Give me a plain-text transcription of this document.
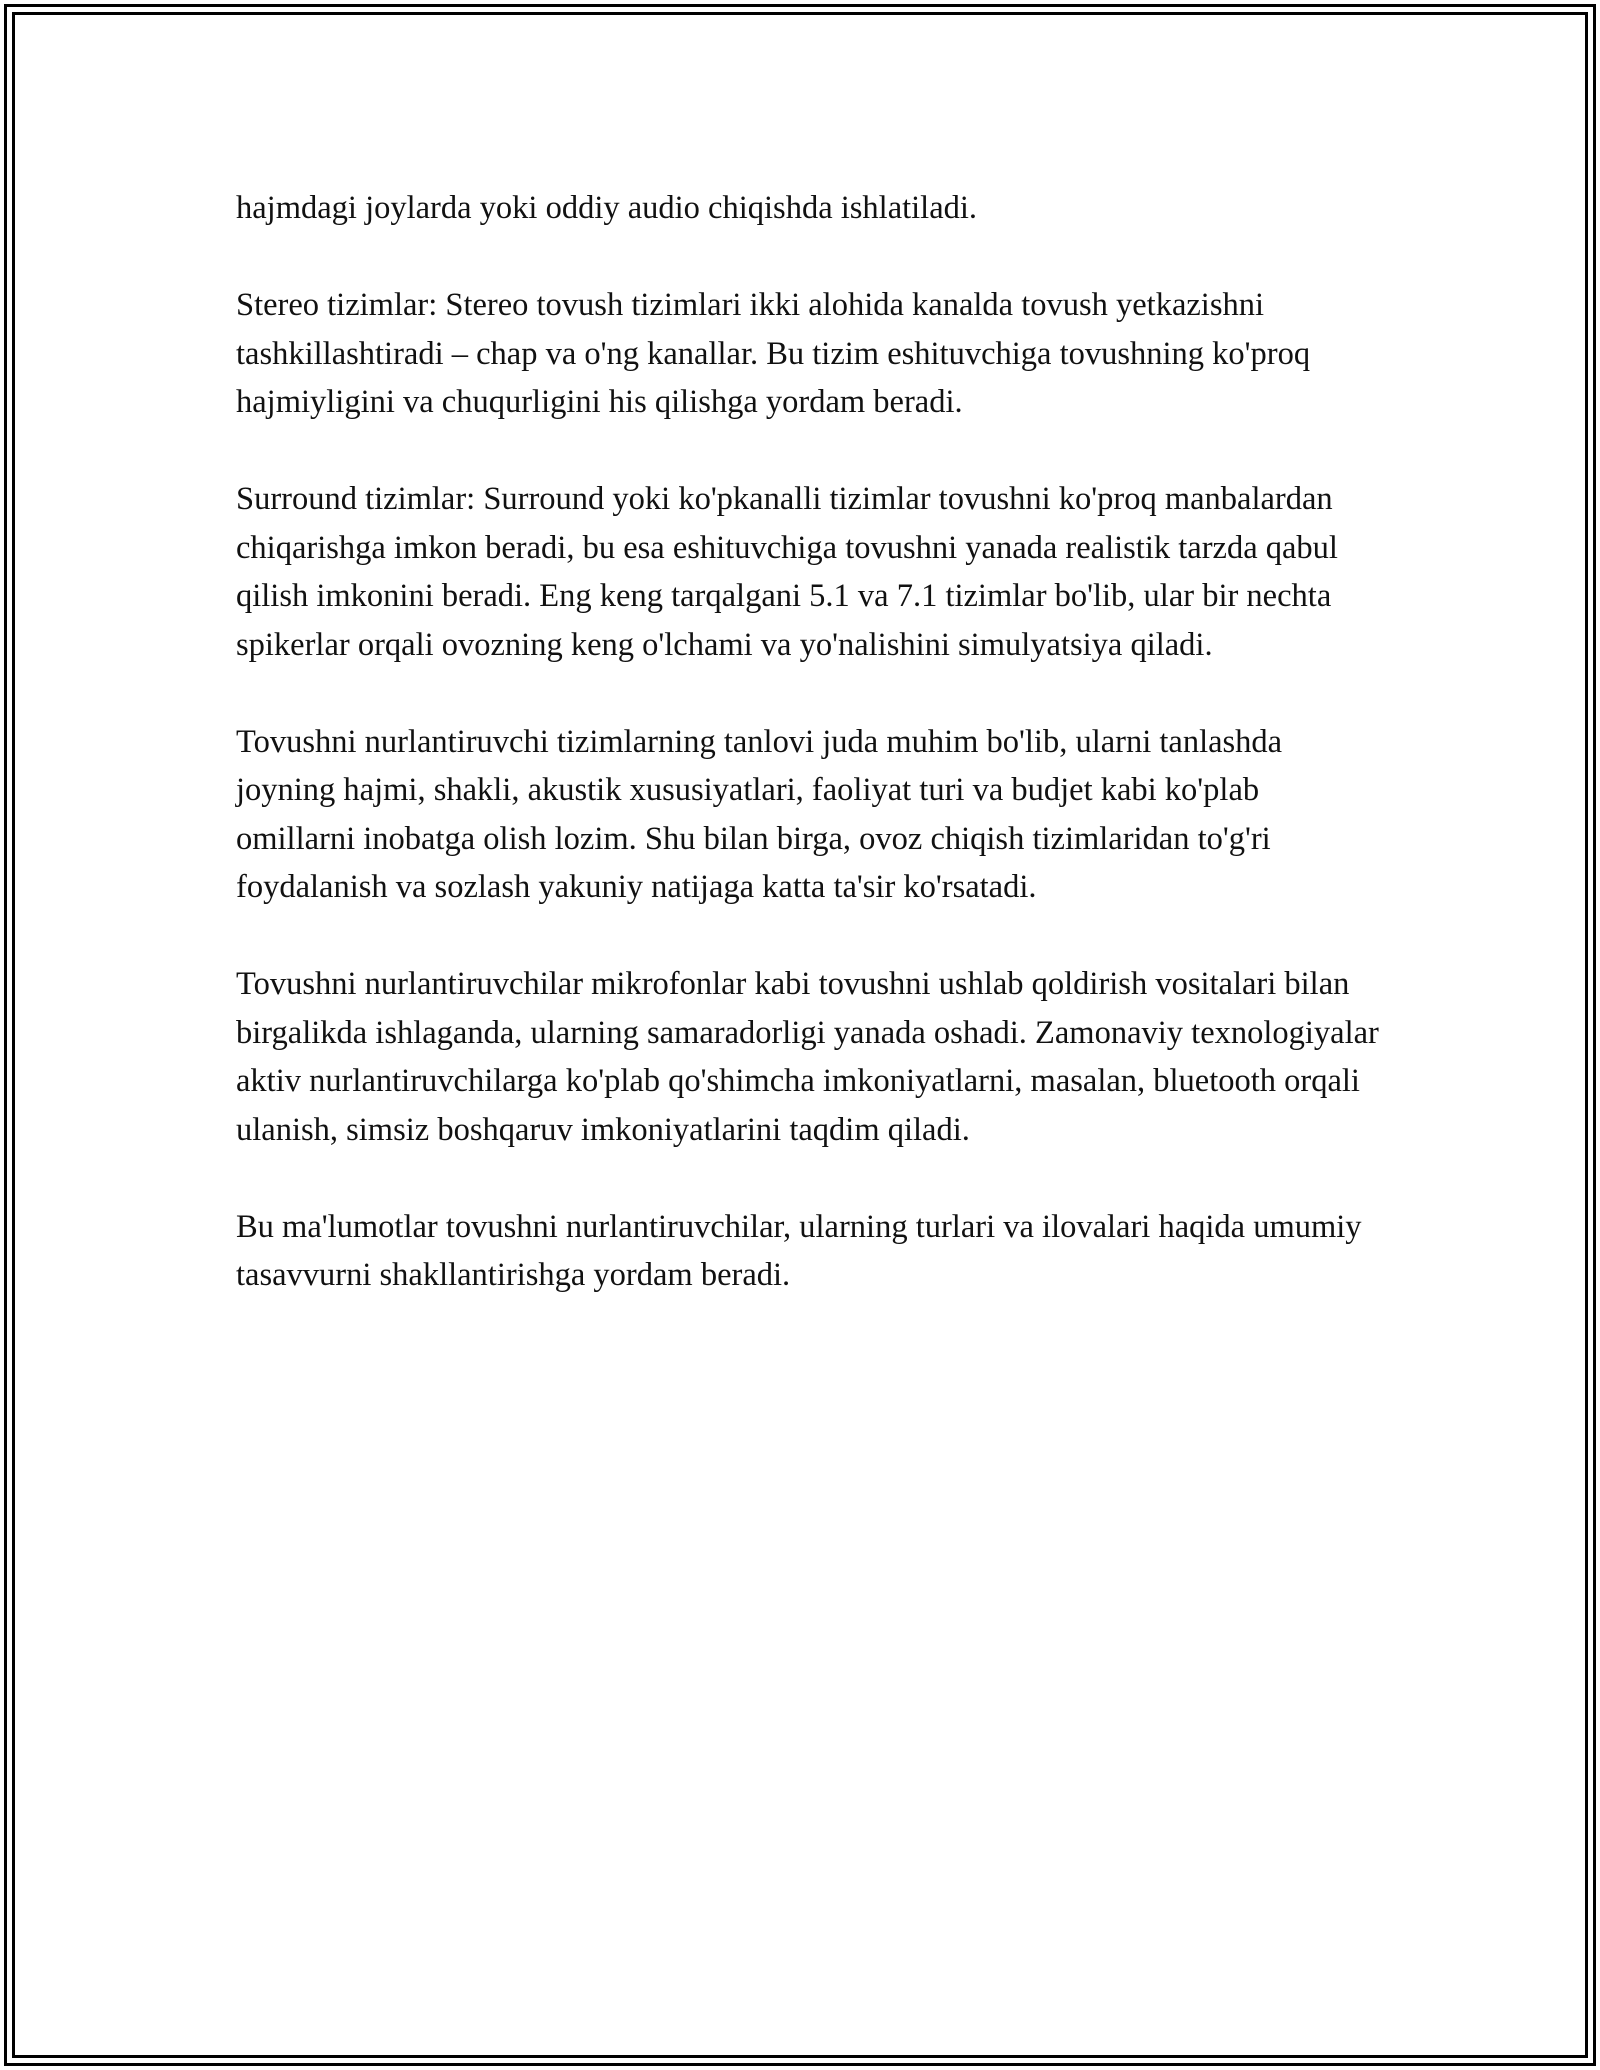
hajmdagi joylarda yoki oddiy audio chiqishda ishlatiladi.

Stereo tizimlar: Stereo tovush tizimlari ikki alohida kanalda tovush yetkazishni tashkillashtiradi – chap va o'ng kanallar. Bu tizim eshituvchiga tovushning ko'proq hajmiyligini va chuqurligini his qilishga yordam beradi.

Surround tizimlar: Surround yoki ko'pkanalli tizimlar tovushni ko'proq manbalardan chiqarishga imkon beradi, bu esa eshituvchiga tovushni yanada realistik tarzda qabul qilish imkonini beradi. Eng keng tarqalgani 5.1 va 7.1 tizimlar bo'lib, ular bir nechta spikerlar orqali ovozning keng o'lchami va yo'nalishini simulyatsiya qiladi.

Tovushni nurlantiruvchi tizimlarning tanlovi juda muhim bo'lib, ularni tanlashda joyning hajmi, shakli, akustik xususiyatlari, faoliyat turi va budjet kabi ko'plab omillarni inobatga olish lozim. Shu bilan birga, ovoz chiqish tizimlaridan to'g'ri foydalanish va sozlash yakuniy natijaga katta ta'sir ko'rsatadi.

Tovushni nurlantiruvchilar mikrofonlar kabi tovushni ushlab qoldirish vositalari bilan birgalikda ishlaganda, ularning samaradorligi yanada oshadi. Zamonaviy texnologiyalar aktiv nurlantiruvchilarga ko'plab qo'shimcha imkoniyatlarni, masalan, bluetooth orqali ulanish, simsiz boshqaruv imkoniyatlarini taqdim qiladi.

Bu ma'lumotlar tovushni nurlantiruvchilar, ularning turlari va ilovalari haqida umumiy tasavvurni shakllantirishga yordam beradi.
